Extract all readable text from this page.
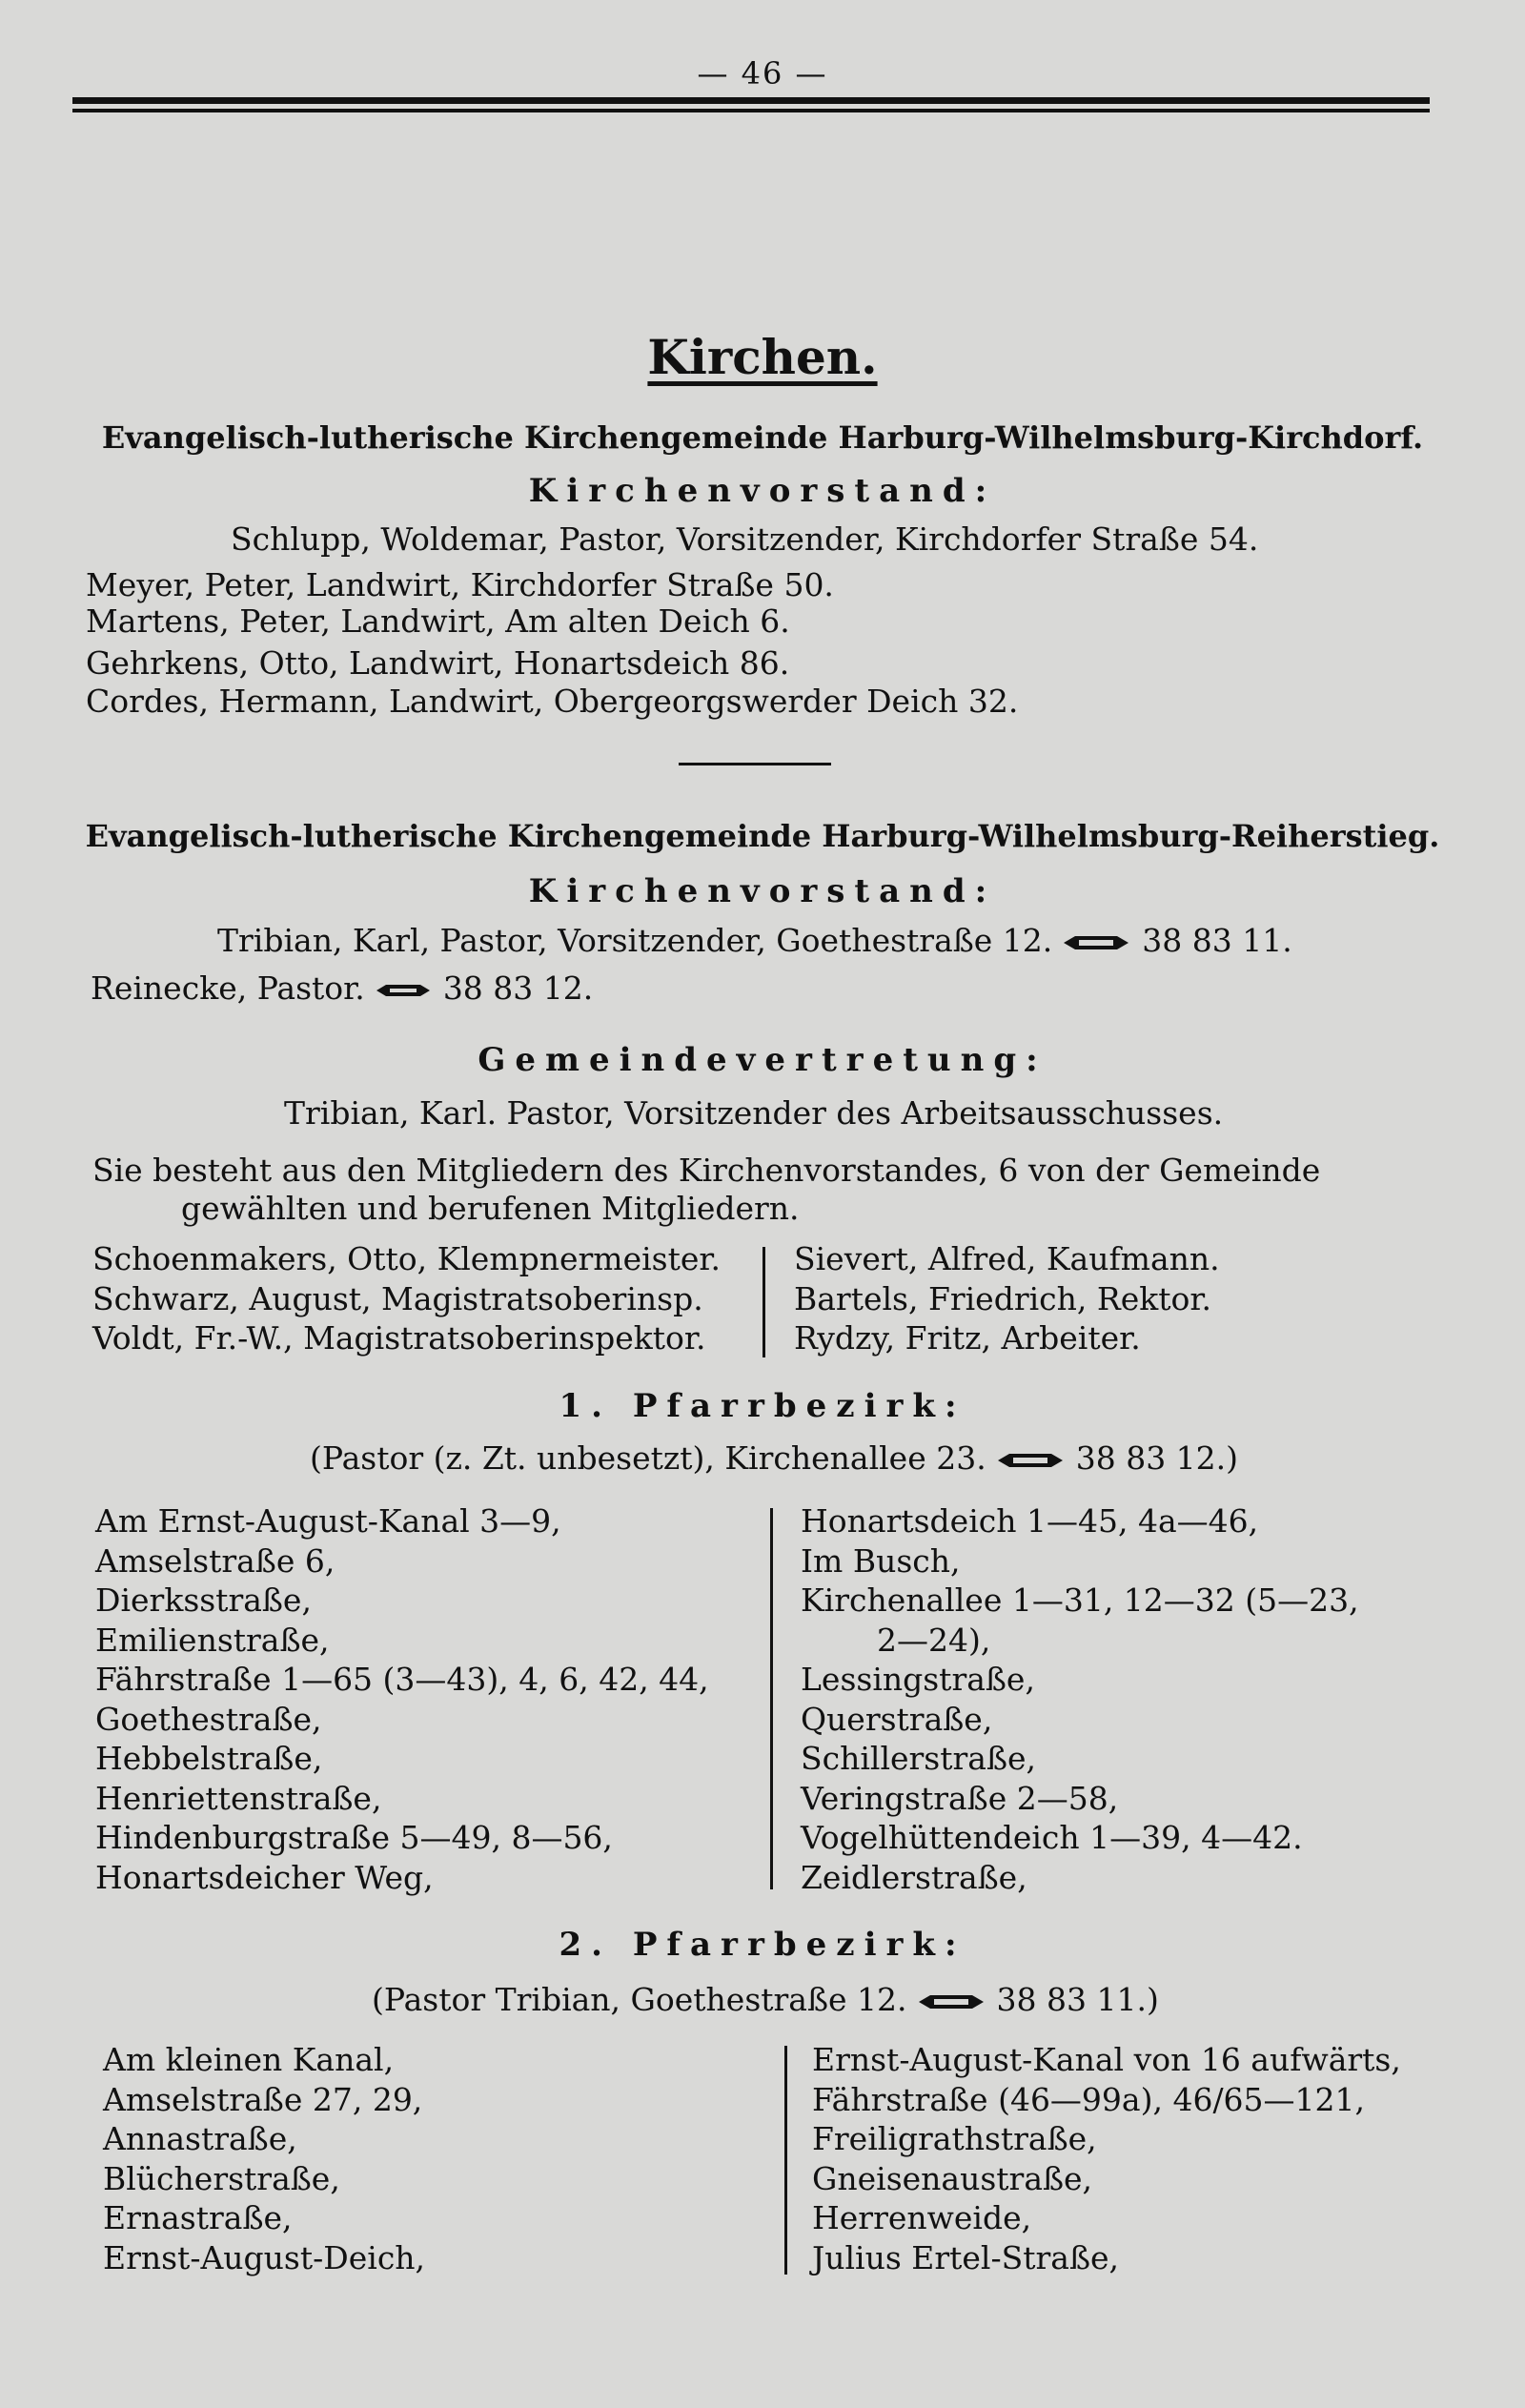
— 46 —
Kirchen.
Evangelisch-lutherische Kirchengemeinde Harburg-Wilhelmsburg-Kirchdorf.
Kirchenvorstand:
Schlupp, Woldemar, Pastor, Vorsitzender, Kirchdorfer Straße 54.
Meyer, Peter, Landwirt, Kirchdorfer Straße 50.
Martens, Peter, Landwirt, Am alten Deich 6.
Gehrkens, Otto, Landwirt, Honartsdeich 86.
Cordes, Hermann, Landwirt, Obergeorgswerder Deich 32.
Evangelisch-lutherische Kirchengemeinde Harburg-Wilhelmsburg-Reiherstieg.
Kirchenvorstand:
Tribian, Karl, Pastor, Vorsitzender, Goethestraße 12.	38 83 11.
Reinecke, Pastor. 38 83 12.
Gemeindevertretung:
Tribian, Karl. Pastor, Vorsitzender des Arbeitsausschusses.
Sie besteht aus den Mitgliedern des Kirchenvorstandes, 6 von der Gemeinde
gewählten und berufenen Mitgliedern.
Schoenmakers, Otto, Klempnermeister.
Schwarz, August, Magistratsoberinsp.
Voldt, Fr.-W., Magistratsoberinspektor.
Sievert, Alfred, Kaufmann.
Bartels, Friedrich, Rektor.
Rydzy, Fritz, Arbeiter.
1. Pfarrbezirk:
(Pastor (z. Zt. unbesetzt), Kirchenallee 23.	38 83 12.)
Am Ernst-August-Kanal 3—9,
Amselstraße 6,
Dierksstraße,
Emilienstraße,
Fährstraße 1—65 (3—43), 4, 6, 42, 44,
Goethestraße,
Hebbelstraße,
Henriettenstraße,
Hindenburgstraße 5—49, 8—56,
Honartsdeicher Weg,
Honartsdeich 1—45, 4a—46,
Im Busch,
Kirchenallee 1—31, 12—32 (5—23,
2—24),
Lessingstraße,
Querstraße,
Schillerstraße,
Veringstraße 2—58,
Vogelhüttendeich 1—39, 4—42.
Zeidlerstraße,
2. Pfarrbezirk:
(Pastor Tribian, Goethestraße 12.	38 83 11.)
Am kleinen Kanal,
Amselstraße 27, 29,
Annastraße,
Blücherstraße,
Ernastraße,
Ernst-August-Deich,
Ernst-August-Kanal von 16 aufwärts,
Fährstraße (46—99a), 46/65—121,
Freiligrathstraße,
Gneisenaustraße,
Herrenweide,
Julius Ertel-Straße,
